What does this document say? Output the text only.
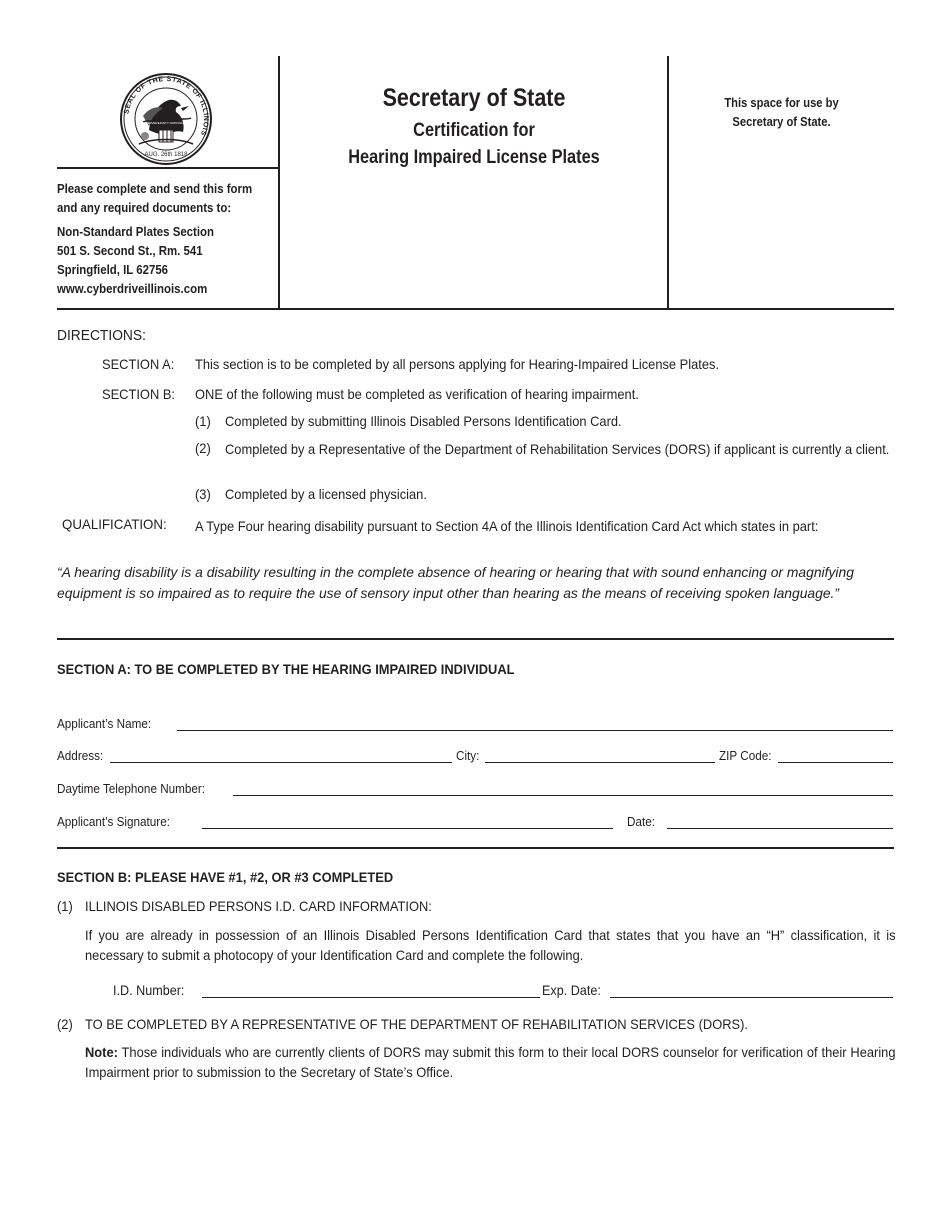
SEAL OF THE STATE OF ILLINOIS
AUG. 26th 1818
STATE SOVEREIGNTY NATIONAL UNION
Secretary of State
Certification for
Hearing Impaired License Plates
This space for use by
Secretary of State.
Please complete and send this form
and any required documents to:
Non-Standard Plates Section
501 S. Second St., Rm. 541
Springfield, IL 62756
www.cyberdriveillinois.com
DIRECTIONS:
SECTION A: This section is to be completed by all persons applying for Hearing-Impaired License Plates.
SECTION B: ONE of the following must be completed as verification of hearing impairment.
(1) Completed by submitting Illinois Disabled Persons Identification Card.
(2) Completed by a Representative of the Department of Rehabilitation Services (DORS) if applicant is currently a client.
(3) Completed by a licensed physician.
QUALIFICATION: A Type Four hearing disability pursuant to Section 4A of the Illinois Identification Card Act which states in part:
“A hearing disability is a disability resulting in the complete absence of hearing or hearing that with sound enhancing or magnifying equipment is so impaired as to require the use of sensory input other than hearing as the means of receiving spoken language.”
SECTION A: TO BE COMPLETED BY THE HEARING IMPAIRED INDIVIDUAL
Applicant’s Name:
Address:	City:	ZIP Code:
Daytime Telephone Number:
Applicant’s Signature:	Date:
SECTION B: PLEASE HAVE #1, #2, OR #3 COMPLETED
(1) ILLINOIS DISABLED PERSONS I.D. CARD INFORMATION:
If you are already in possession of an Illinois Disabled Persons Identification Card that states that you have an “H” classification, it is necessary to submit a photocopy of your Identification Card and complete the following.
I.D. Number:	Exp. Date:
(2) TO BE COMPLETED BY A REPRESENTATIVE OF THE DEPARTMENT OF REHABILITATION SERVICES (DORS).
Note: Those individuals who are currently clients of DORS may submit this form to their local DORS counselor for verification of their Hearing Impairment prior to submission to the Secretary of State’s Office.
